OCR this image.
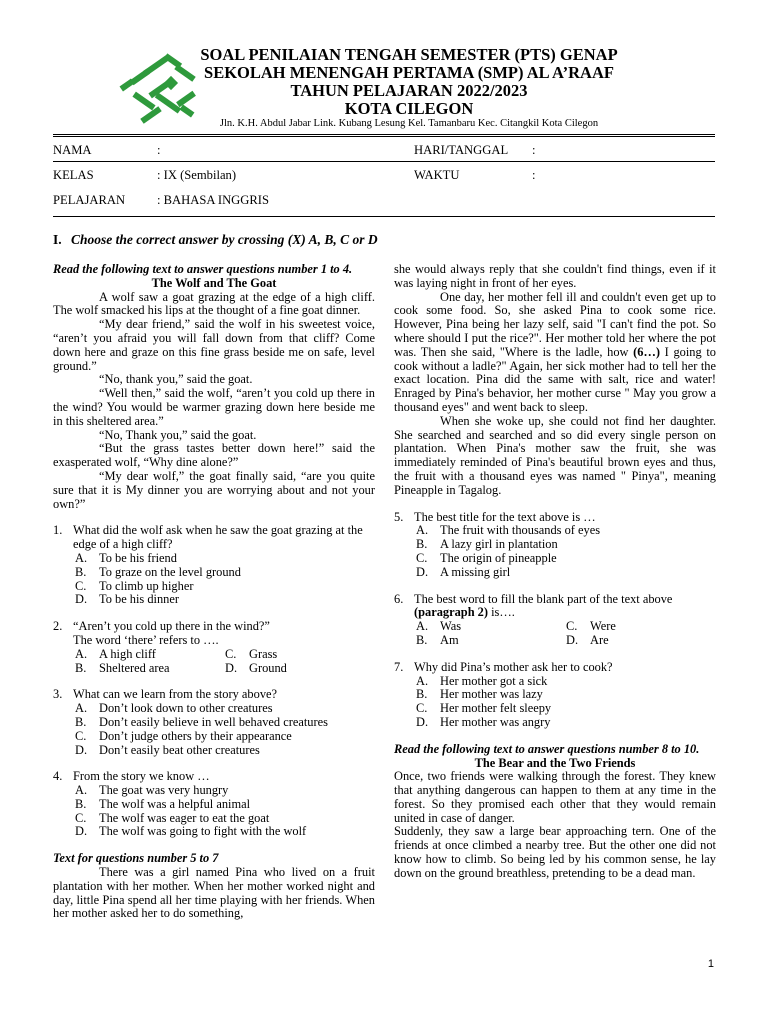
SOAL PENILAIAN TENGAH SEMESTER (PTS) GENAP
SEKOLAH MENENGAH PERTAMA (SMP) AL A’RAAF
TAHUN PELAJARAN 2022/2023
KOTA CILEGON
Jln. K.H. Abdul Jabar Link. Kubang Lesung Kel. Tamanbaru Kec. Citangkil Kota Cilegon
NAMA	:	HARI/TANGGAL :
KELAS	: IX (Sembilan)	WAKTU	:
PELAJARAN	: BAHASA INGGRIS
I. Choose the correct answer by crossing (X) A, B, C or D

Read the following text to answer questions number 1 to 4.

The Wolf and The Goat

A wolf saw a goat grazing at the edge of a high cliff. The wolf smacked his lips at the thought of a fine goat dinner.

“My dear friend,” said the wolf in his sweetest voice, “aren’t you afraid you will fall down from that cliff? Come down here and graze on this fine grass beside me on safe, level ground.”

“No, thank you,” said the goat.

“Well then,” said the wolf, “aren’t you cold up there in the wind? You would be warmer grazing down here beside me in this sheltered area.”

“No, Thank you,” said the goat.

“But the grass tastes better down here!” said the exasperated wolf, “Why dine alone?”

“My dear wolf,” the goat finally said, “are you quite sure that it is My dinner you are worrying about and not your own?”

1. What did the wolf ask when he saw the goat grazing at the edge of a high cliff?
A. To be his friend
B.	To graze on the level ground
C.	To climb up higher
D. To be his dinner
2. “Aren’t you cold up there in the wind?”
The word ‘there’ refers to ….
A. A high cliff	C.	Grass
B.	Sheltered area	D. Ground
3. What can we learn from the story above?
A. Don’t look down to other creatures
B.	Don’t easily believe in well behaved creatures
C.	Don’t judge others by their appearance
D. Don’t easily beat other creatures
4. From the story we know …
A. The goat was very hungry
B.	The wolf was a helpful animal
C.	The wolf was eager to eat the goat
D. The wolf was going to fight with the wolf

Text for questions number 5 to 7

There was a girl named Pina who lived on a fruit plantation with her mother. When her mother worked night and day, little Pina spend all her time playing with her friends. When her mother asked her to do something,

she would always reply that she couldn't find things, even if it was laying night in front of her eyes.

One day, her mother fell ill and couldn't even get up to cook some food. So, she asked Pina to cook some rice. However, Pina being her lazy self, said "I can't find the pot. So where should I put the rice?". Her mother told her where the pot was. Then she said, "Where is the ladle, how (6…) I going to cook without a ladle?" Again, her sick mother had to tell her the exact location. Pina did the same with salt, rice and water! Enraged by Pina's behavior, her mother curse " May you grow a thousand eyes" and went back to sleep.

When she woke up, she could not find her daughter. She searched and searched and so did every single person on plantation. When Pina's mother saw the fruit, she was immediately reminded of Pina's beautiful brown eyes and thus, the fruit with a thousand eyes was named " Pinya", meaning Pineapple in Tagalog.

5. The best title for the text above is …
A. The fruit with thousands of eyes
B.	A lazy girl in plantation
C.	The origin of pineapple
D. A missing girl
6. The best word to fill the blank part of the text above (paragraph 2) is….
A. Was	C.	Were
B.	Am	D. Are
7. Why did Pina’s mother ask her to cook?
A. Her mother got a sick
B.	Her mother was lazy
C.	Her mother felt sleepy
D. Her mother was angry

Read the following text to answer questions number 8 to 10.

The Bear and the Two Friends

Once, two friends were walking through the forest. They knew that anything dangerous can happen to them at any time in the forest. So they promised each other that they would remain united in case of danger.

Suddenly, they saw a large bear approaching tern. One of the friends at once climbed a nearby tree. But the other one did not know how to climb. So being led by his common sense, he lay down on the ground breathless, pretending to be a dead man.

1
